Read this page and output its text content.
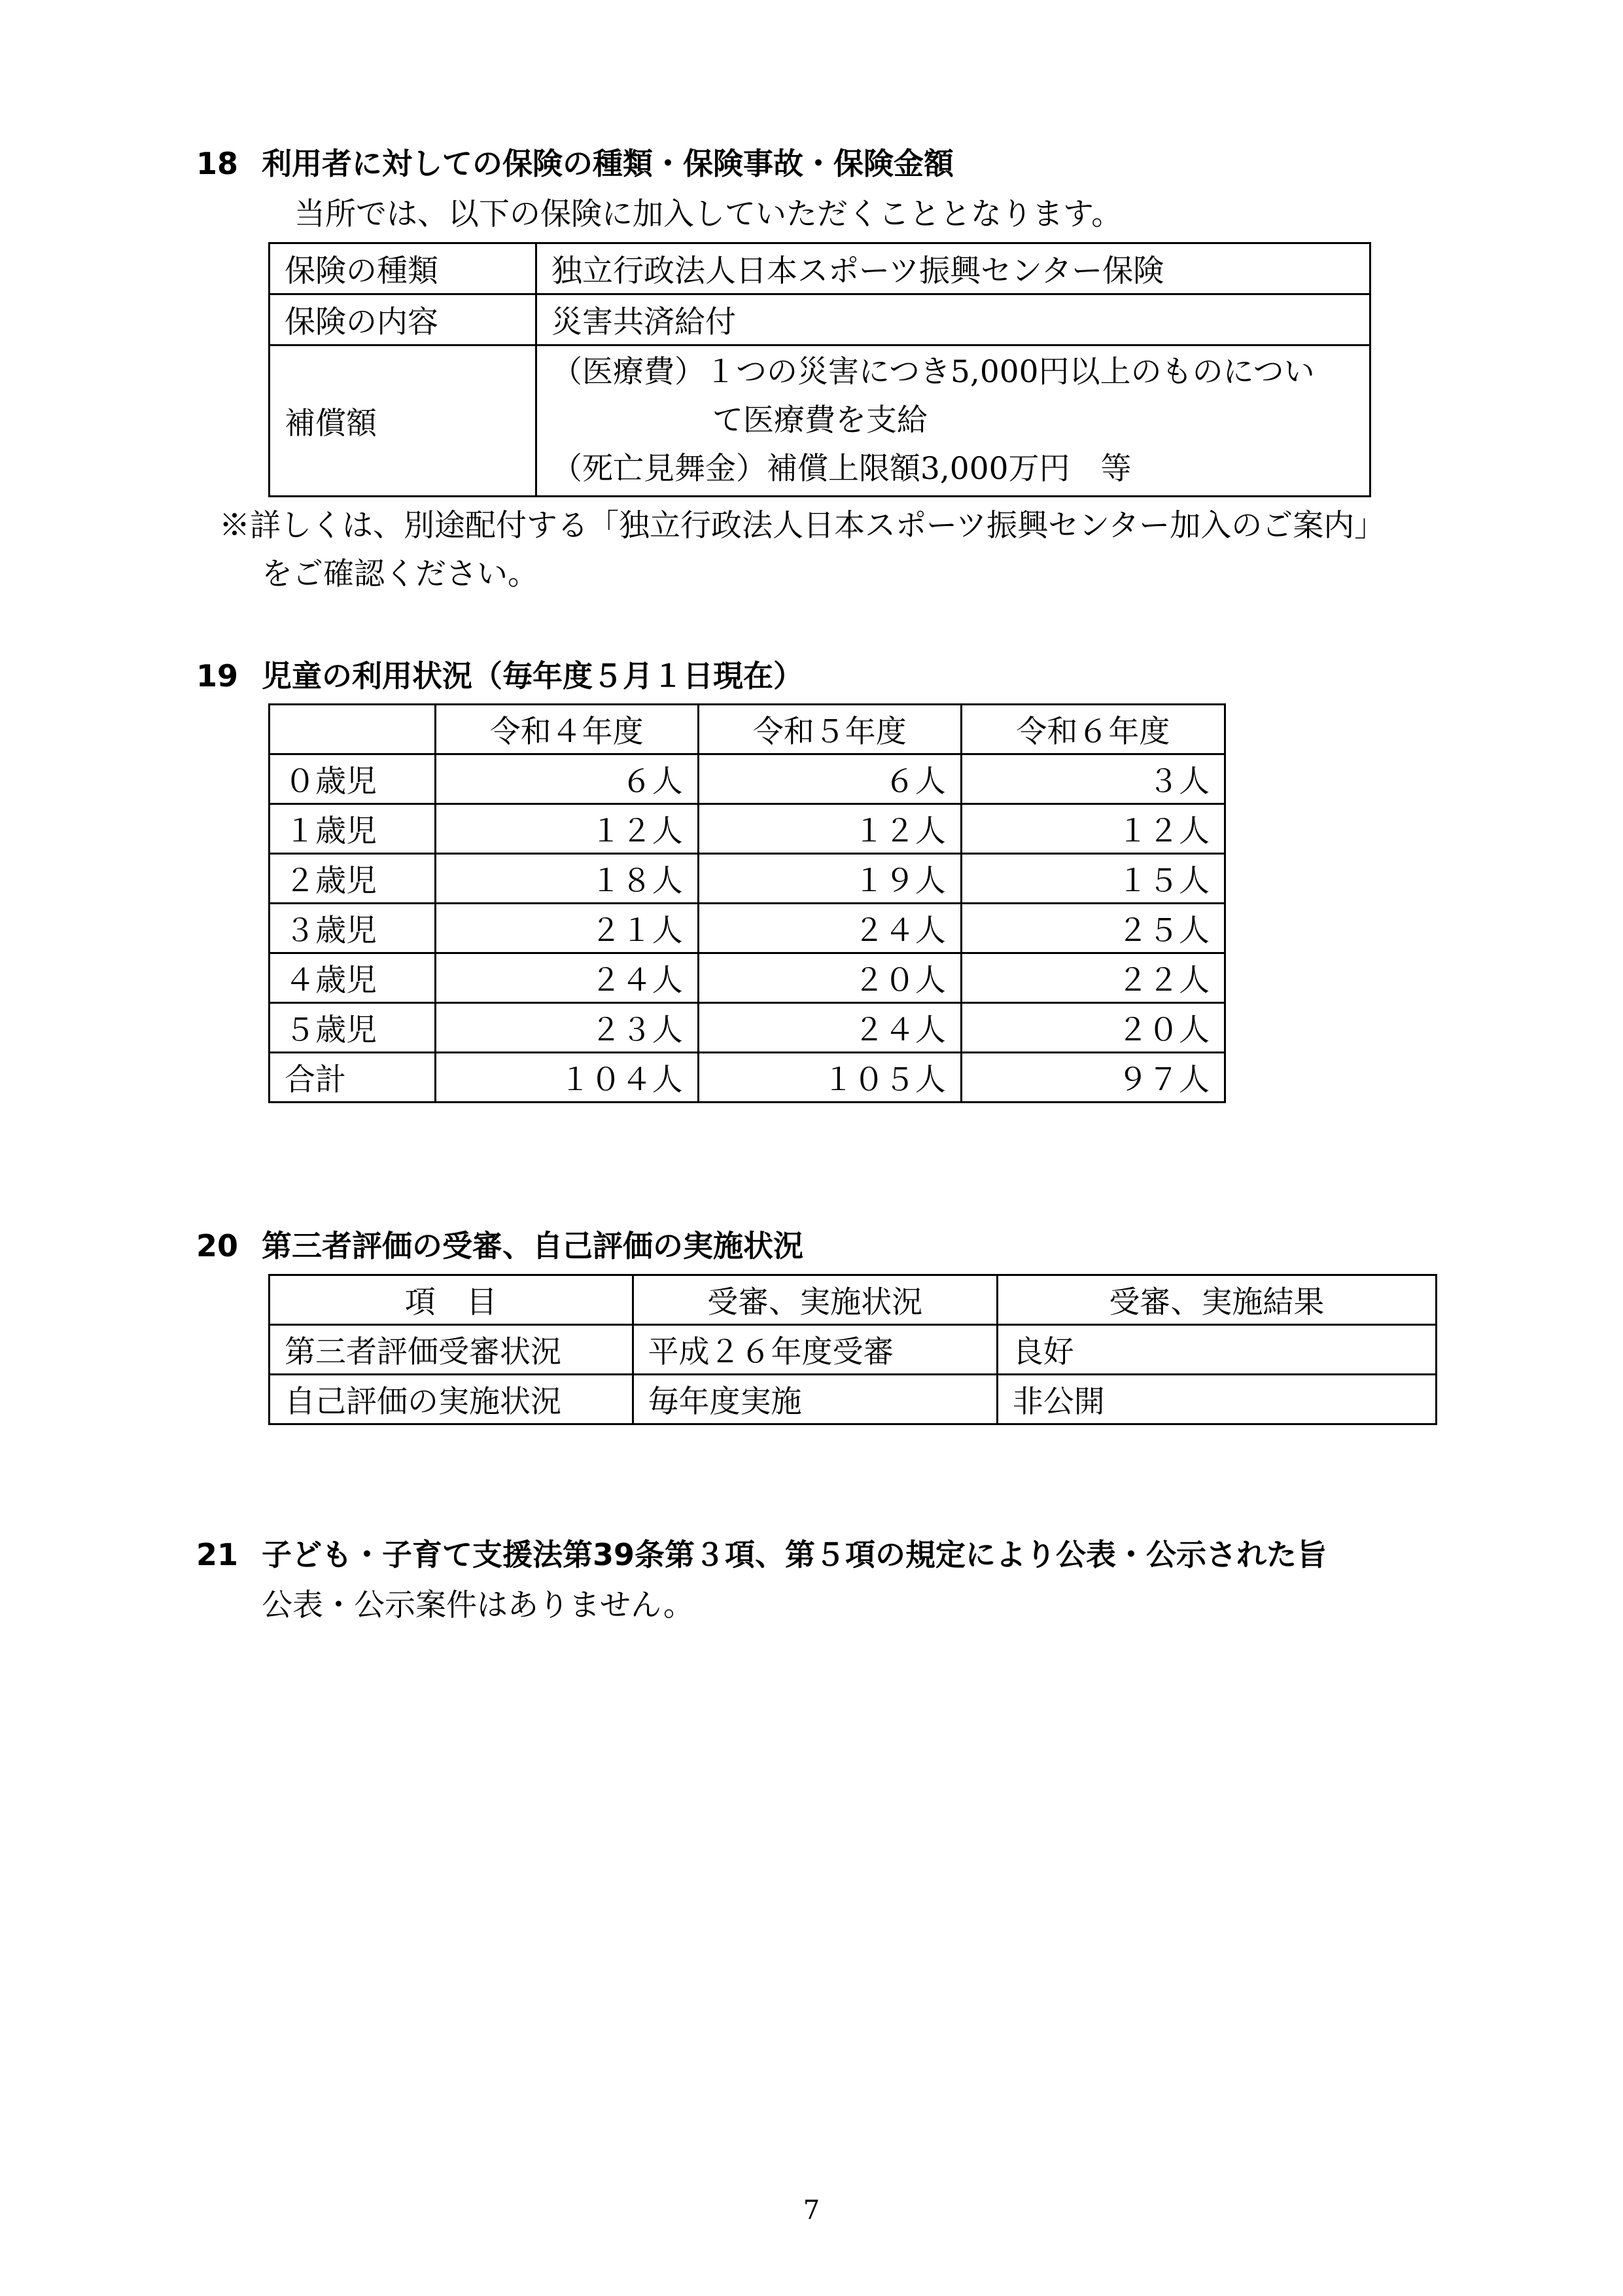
18 利用者に対しての保険の種類・保険事故・保険金額
当所では、以下の保険に加入していただくこととなります。
保険の種類	独立行政法人日本スポーツ振興センター保険
保険の内容	災害共済給付
補償額	（医療費）１つの災害につき5,000円以上のものについ
て医療費を支給
（死亡見舞金）補償上限額3,000万円　等
※詳しくは、別途配付する「独立行政法人日本スポーツ振興センター加入のご案内」
をご確認ください。
19 児童の利用状況（毎年度５月１日現在）
	令和４年度	令和５年度	令和６年度
０歳児	６人	６人	３人
１歳児	１２人	１２人	１２人
２歳児	１８人	１９人	１５人
３歳児	２１人	２４人	２５人
４歳児	２４人	２０人	２２人
５歳児	２３人	２４人	２０人
合計	１０４人	１０５人	９７人
20 第三者評価の受審、自己評価の実施状況
項　目	受審、実施状況	受審、実施結果
第三者評価受審状況	平成２６年度受審	良好
自己評価の実施状況	毎年度実施	非公開
21 子ども・子育て支援法第39条第３項、第５項の規定により公表・公示された旨
公表・公示案件はありません。
7
